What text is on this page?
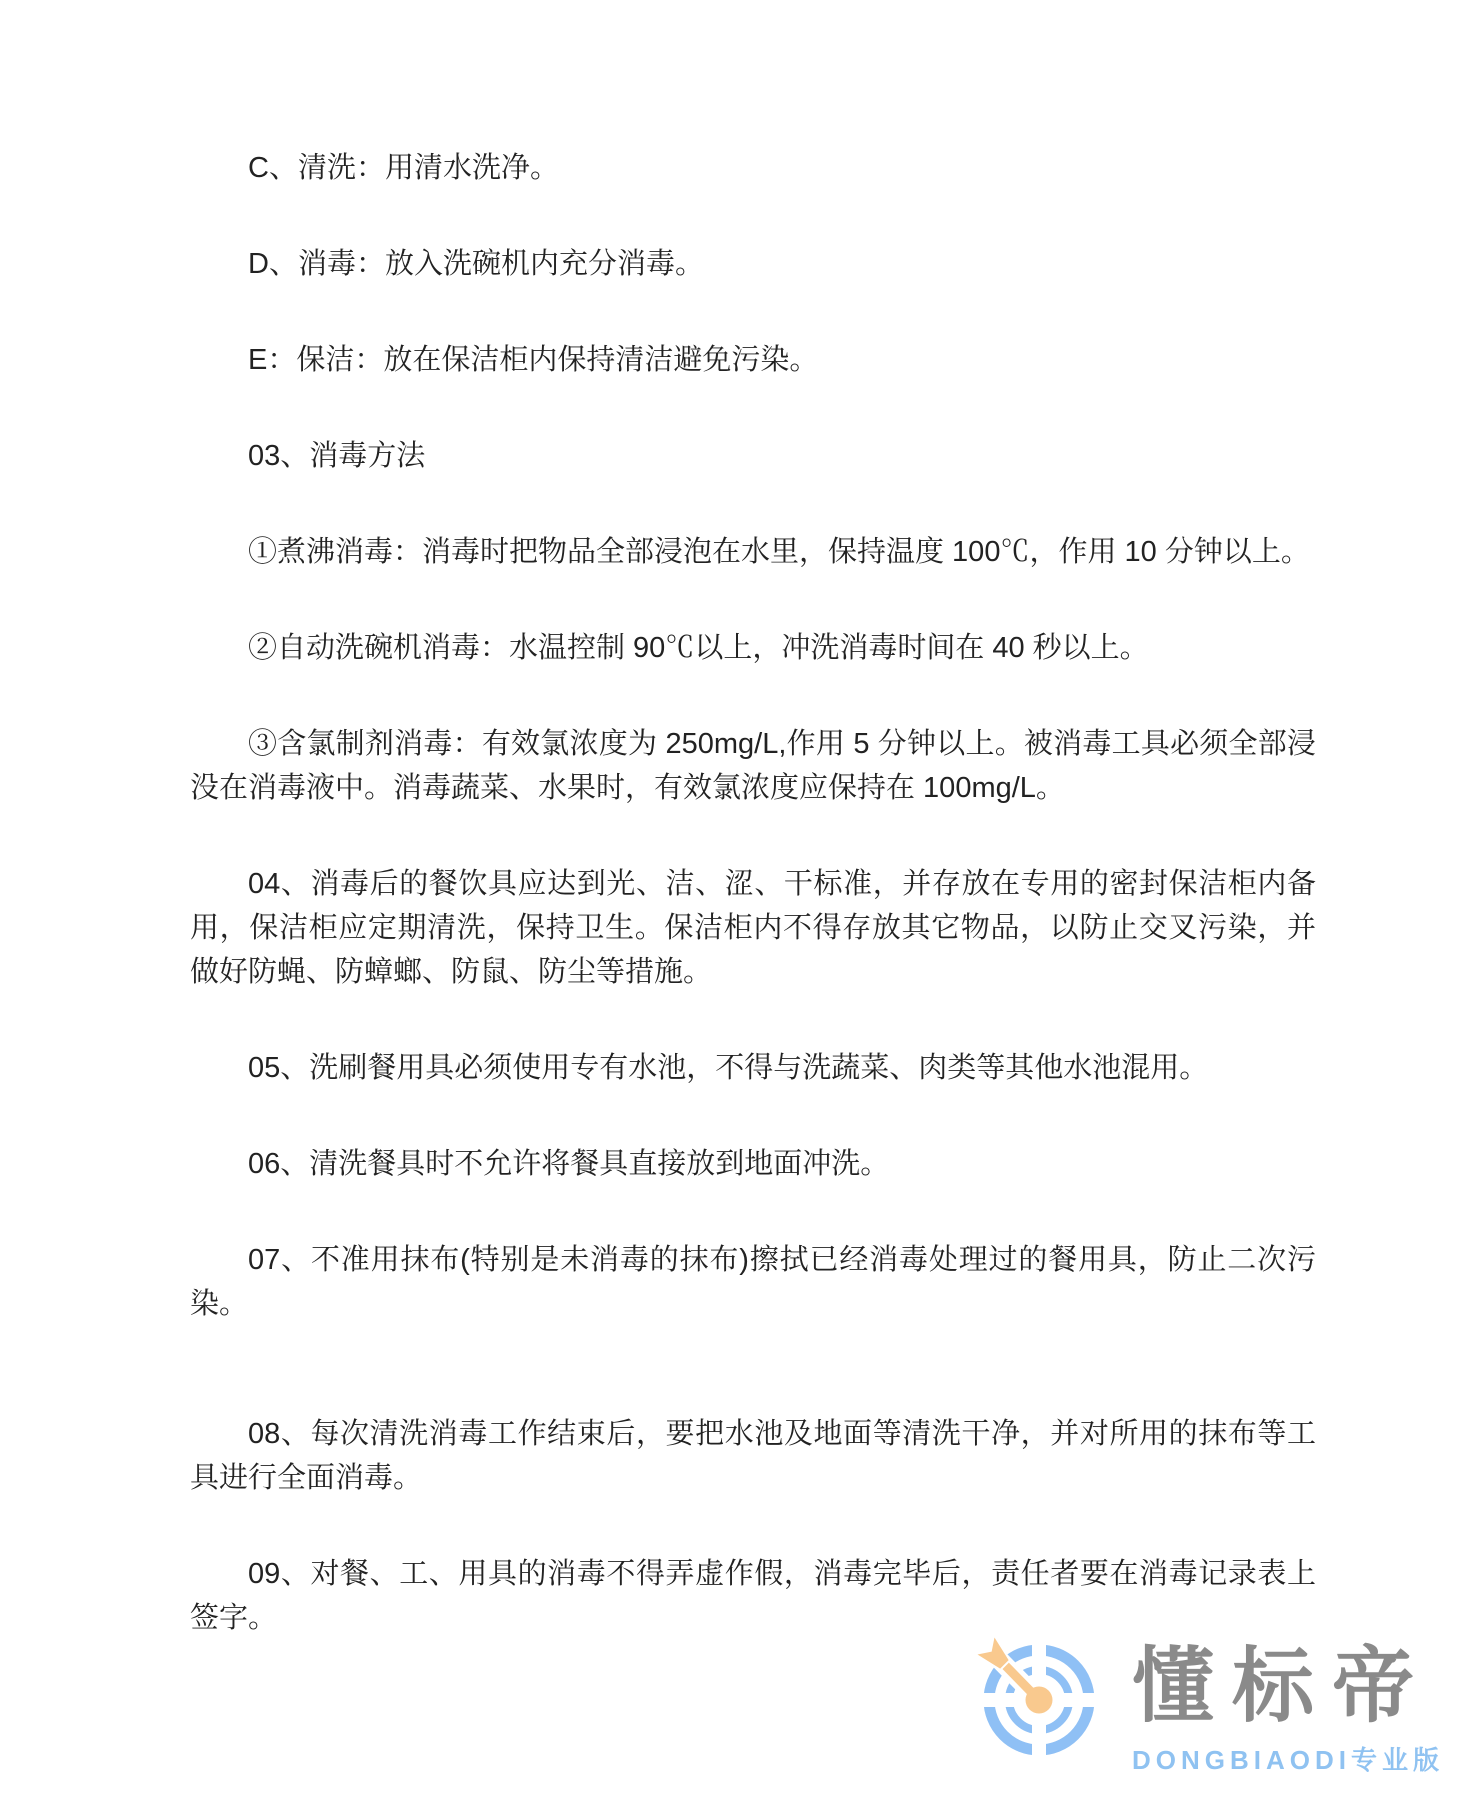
C、清洗：用清水洗净。

D、消毒：放入洗碗机内充分消毒。

E：保洁：放在保洁柜内保持清洁避免污染。

03、消毒方法

①煮沸消毒：消毒时把物品全部浸泡在水里，保持温度 100℃，作用 10 分钟以上。

②自动洗碗机消毒：水温控制 90℃以上，冲洗消毒时间在 40 秒以上。

③含氯制剂消毒：有效氯浓度为 250mg/L,作用 5 分钟以上。被消毒工具必须全部浸没在消毒液中。消毒蔬菜、水果时，有效氯浓度应保持在 100mg/L。

04、消毒后的餐饮具应达到光、洁、涩、干标准，并存放在专用的密封保洁柜内备用，保洁柜应定期清洗，保持卫生。保洁柜内不得存放其它物品，以防止交叉污染，并做好防蝇、防蟑螂、防鼠、防尘等措施。

05、洗刷餐用具必须使用专有水池，不得与洗蔬菜、肉类等其他水池混用。

06、清洗餐具时不允许将餐具直接放到地面冲洗。

07、不准用抹布(特别是未消毒的抹布)擦拭已经消毒处理过的餐用具，防止二次污染。

08、每次清洗消毒工作结束后，要把水池及地面等清洗干净，并对所用的抹布等工具进行全面消毒。

09、对餐、工、用具的消毒不得弄虚作假，消毒完毕后，责任者要在消毒记录表上签字。

懂标帝
DONGBIAODI专业版
